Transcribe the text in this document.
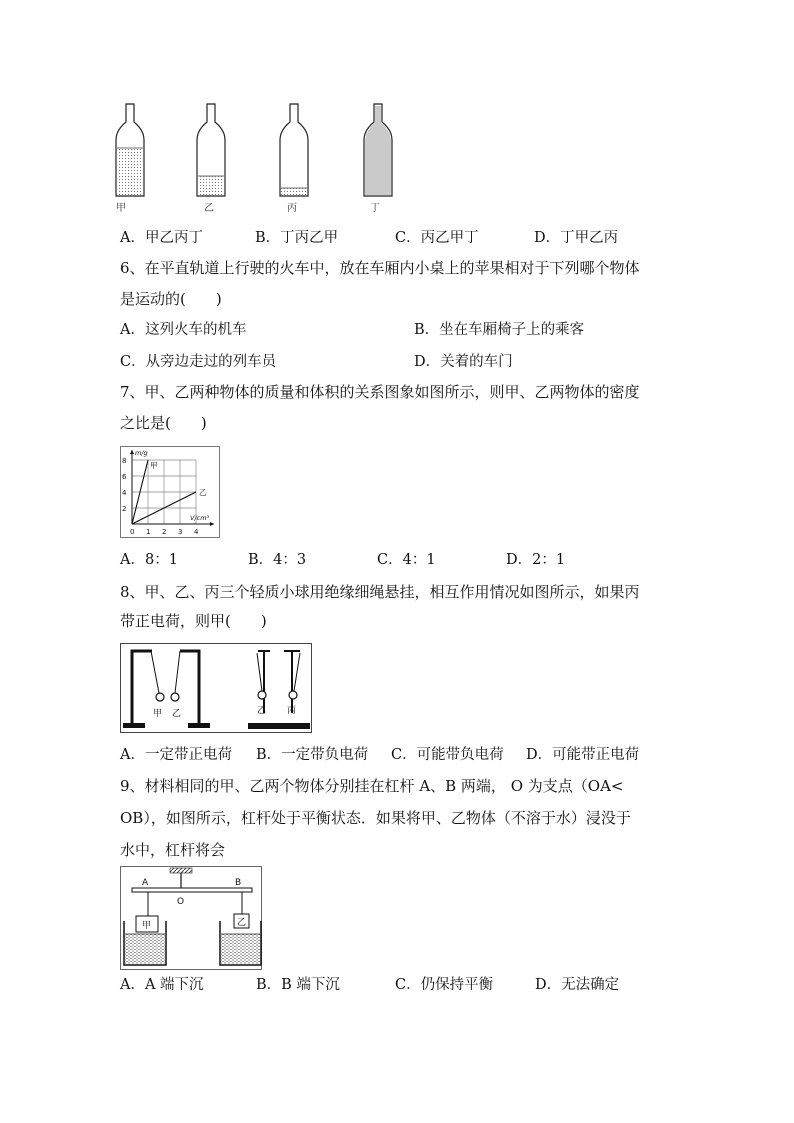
甲	乙	丙	丁
A．甲乙丙丁	B．丁丙乙甲	C．丙乙甲丁	D．丁甲乙丙
6、在平直轨道上行驶的火车中，放在车厢内小桌上的苹果相对于下列哪个物体
是运动的(　　)
A．这列火车的机车	B．坐在车厢椅子上的乘客
C．从旁边走过的列车员	D．关着的车门
7、甲、乙两种物体的质量和体积的关系图象如图所示，则甲、乙两物体的密度
之比是(　　)
甲
乙
0 1 2 3 4
2
4
6
8
m/g
V/cm³
A．8：1	B．4：3	C．4：1	D．2：1
8、甲、乙、丙三个轻质小球用绝缘细绳悬挂，相互作用情况如图所示，如果丙
带正电荷，则甲(　　)
甲 乙	乙 丙
A．一定带正电荷 B．一定带负电荷 C．可能带负电荷 D．可能带正电荷
9、材料相同的甲、乙两个物体分别挂在杠杆 A、B 两端， O 为支点（OA<
OB），如图所示，杠杆处于平衡状态．如果将甲、乙物体（不溶于水）浸没于
水中，杠杆将会
A	B
O
甲	乙
A．A 端下沉	B．B 端下沉	C．仍保持平衡	D．无法确定
